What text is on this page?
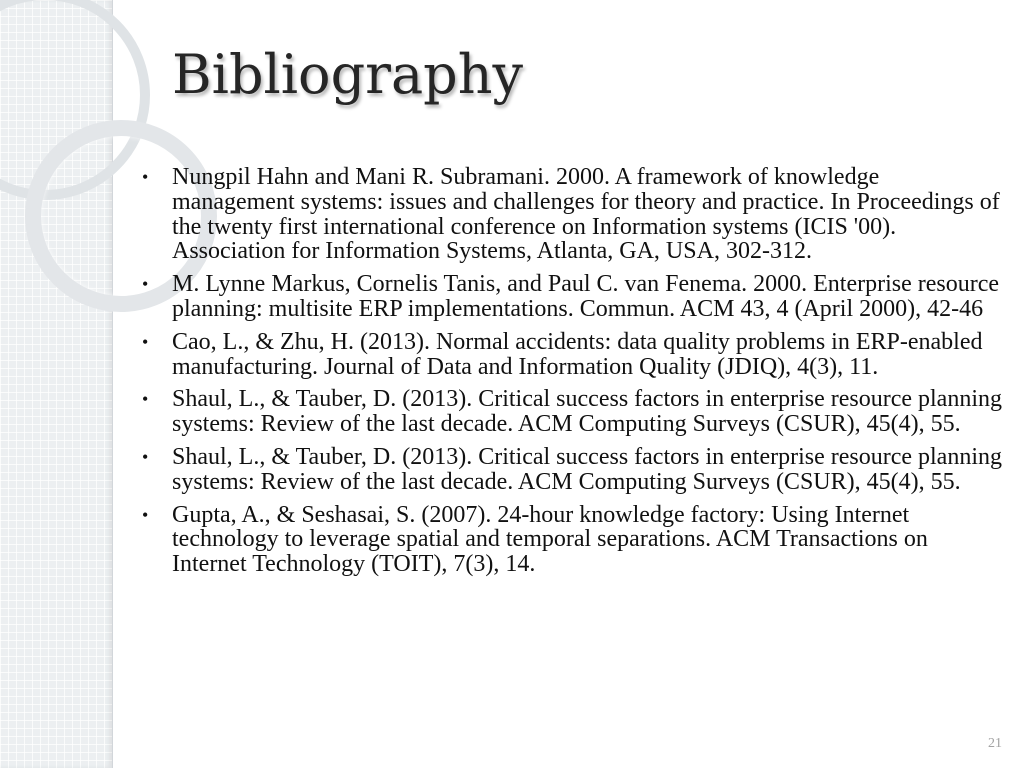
Bibliography
• Nungpil Hahn and Mani R. Subramani. 2000. A framework of knowledge management systems: issues and challenges for theory and practice. In Proceedings of the twenty first international conference on Information systems (ICIS '00). Association for Information Systems, Atlanta, GA, USA, 302-312.
• M. Lynne Markus, Cornelis Tanis, and Paul C. van Fenema. 2000. Enterprise resource planning: multisite ERP implementations. Commun. ACM 43, 4 (April 2000), 42-46
• Cao, L., & Zhu, H. (2013). Normal accidents: data quality problems in ERP-enabled manufacturing. Journal of Data and Information Quality (JDIQ), 4(3), 11.
• Shaul, L., & Tauber, D. (2013). Critical success factors in enterprise resource planning systems: Review of the last decade. ACM Computing Surveys (CSUR), 45(4), 55.
• Shaul, L., & Tauber, D. (2013). Critical success factors in enterprise resource planning systems: Review of the last decade. ACM Computing Surveys (CSUR), 45(4), 55.
• Gupta, A., & Seshasai, S. (2007). 24-hour knowledge factory: Using Internet technology to leverage spatial and temporal separations. ACM Transactions on Internet Technology (TOIT), 7(3), 14.
21
